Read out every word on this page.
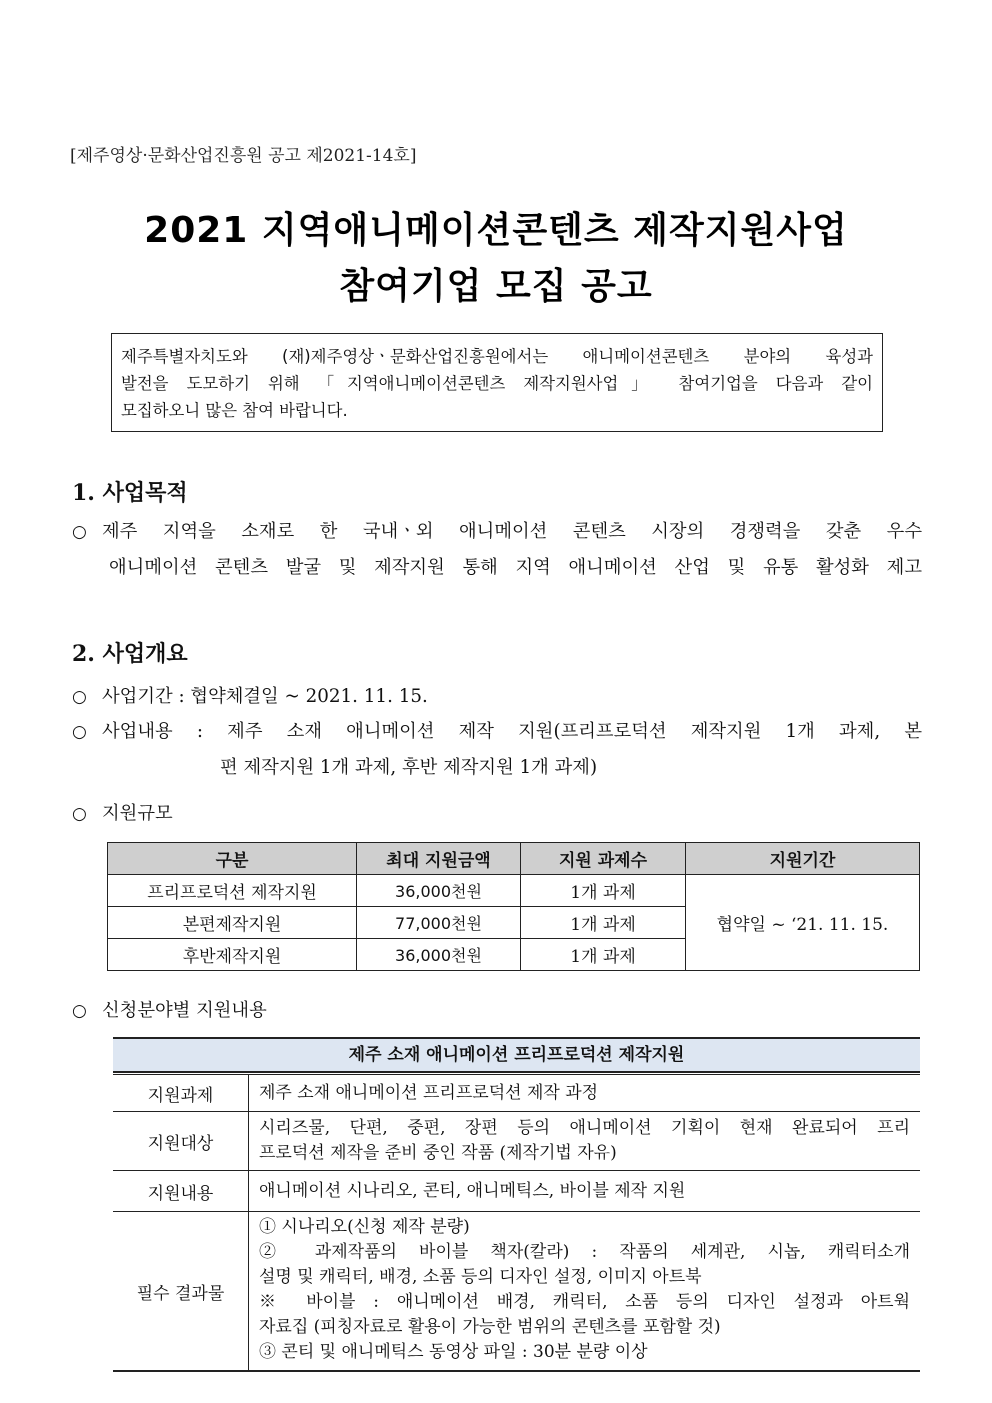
[제주영상·문화산업진흥원 공고 제2021-14호]
2021 지역애니메이션콘텐츠 제작지원사업
참여기업 모집 공고
제주특별자치도와 (재)제주영상ㆍ문화산업진흥원에서는 애니메이션콘텐츠 분야의 육성과
발전을 도모하기 위해 「지역애니메이션콘텐츠 제작지원사업」 참여기업을 다음과 같이
모집하오니 많은 참여 바랍니다.
1. 사업목적
○ 제주 지역을 소재로 한 국내ㆍ외 애니메이션 콘텐츠 시장의 경쟁력을 갖춘 우수
애니메이션 콘텐츠 발굴 및 제작지원 통해 지역 애니메이션 산업 및 유통 활성화 제고
2. 사업개요
○ 사업기간 : 협약체결일 ~ 2021. 11. 15.
○ 사업내용 : 제주 소재 애니메이션 제작 지원(프리프로덕션 제작지원 1개 과제, 본
편 제작지원 1개 과제, 후반 제작지원 1개 과제)
○ 지원규모
구분	최대 지원금액	지원 과제수	지원기간
프리프로덕션 제작지원	36,000천원	1개 과제	협약일 ~ ‘21. 11. 15.
본편제작지원	77,000천원	1개 과제	
후반제작지원	36,000천원	1개 과제	
○ 신청분야별 지원내용
제주 소재 애니메이션 프리프로덕션 제작지원
지원과제	제주 소재 애니메이션 프리프로덕션 제작 과정
지원대상
시리즈물, 단편, 중편, 장편 등의 애니메이션 기획이 현재 완료되어 프리
프로덕션 제작을 준비 중인 작품 (제작기법 자유)
지원내용	애니메이션 시나리오, 콘티, 애니메틱스, 바이블 제작 지원
필수 결과물
① 시나리오(신청 제작 분량)
② 과제작품의 바이블 책자(칼라) : 작품의 세계관, 시놉, 캐릭터소개
설명 및 캐릭터, 배경, 소품 등의 디자인 설정, 이미지 아트북
※ 바이블 : 애니메이션 배경, 캐릭터, 소품 등의 디자인 설정과 아트웍
자료집 (피칭자료로 활용이 가능한 범위의 콘텐츠를 포함할 것)
③ 콘티 및 애니메틱스 동영상 파일 : 30분 분량 이상
